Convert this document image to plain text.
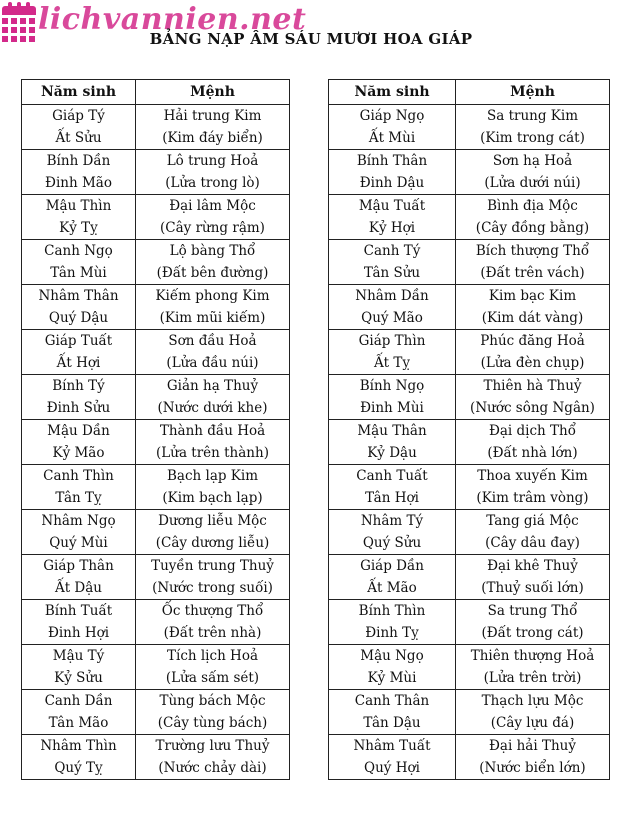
lichvannien.net
BẢNG NẠP ÂM SÁU MƯƠI HOA GIÁP
Năm sinh	Mệnh
Giáp Tý	Hải trung Kim
Ất Sửu	(Kim đáy biển)
Bính Dần	Lô trung Hoả
Đinh Mão	(Lửa trong lò)
Mậu Thìn	Đại lâm Mộc
Kỷ Tỵ	(Cây rừng rậm)
Canh Ngọ	Lộ bàng Thổ
Tân Mùi	(Đất bên đường)
Nhâm Thân	Kiếm phong Kim
Quý Dậu	(Kim mũi kiếm)
Giáp Tuất	Sơn đầu Hoả
Ất Hợi	(Lửa đầu núi)
Bính Tý	Giản hạ Thuỷ
Đinh Sửu	(Nước dưới khe)
Mậu Dần	Thành đầu Hoả
Kỷ Mão	(Lửa trên thành)
Canh Thìn	Bạch lạp Kim
Tân Tỵ	(Kim bạch lạp)
Nhâm Ngọ	Dương liễu Mộc
Quý Mùi	(Cây dương liễu)
Giáp Thân	Tuyền trung Thuỷ
Ất Dậu	(Nước trong suối)
Bính Tuất	Ốc thượng Thổ
Đinh Hợi	(Đất trên nhà)
Mậu Tý	Tích lịch Hoả
Kỷ Sửu	(Lửa sấm sét)
Canh Dần	Tùng bách Mộc
Tân Mão	(Cây tùng bách)
Nhâm Thìn	Trường lưu Thuỷ
Quý Tỵ	(Nước chảy dài)
Năm sinh	Mệnh
Giáp Ngọ	Sa trung Kim
Ất Mùi	(Kim trong cát)
Bính Thân	Sơn hạ Hoả
Đinh Dậu	(Lửa dưới núi)
Mậu Tuất	Bình địa Mộc
Kỷ Hợi	(Cây đồng bằng)
Canh Tý	Bích thượng Thổ
Tân Sửu	(Đất trên vách)
Nhâm Dần	Kim bạc Kim
Quý Mão	(Kim dát vàng)
Giáp Thìn	Phúc đăng Hoả
Ất Tỵ	(Lửa đèn chụp)
Bính Ngọ	Thiên hà Thuỷ
Đinh Mùi	(Nước sông Ngân)
Mậu Thân	Đại dịch Thổ
Kỷ Dậu	(Đất nhà lớn)
Canh Tuất	Thoa xuyến Kim
Tân Hợi	(Kim trâm vòng)
Nhâm Tý	Tang giá Mộc
Quý Sửu	(Cây dâu đay)
Giáp Dần	Đại khê Thuỷ
Ất Mão	(Thuỷ suối lớn)
Bính Thìn	Sa trung Thổ
Đinh Tỵ	(Đất trong cát)
Mậu Ngọ	Thiên thượng Hoả
Kỷ Mùi	(Lửa trên trời)
Canh Thân	Thạch lựu Mộc
Tân Dậu	(Cây lựu đá)
Nhâm Tuất	Đại hải Thuỷ
Quý Hợi	(Nước biển lớn)
